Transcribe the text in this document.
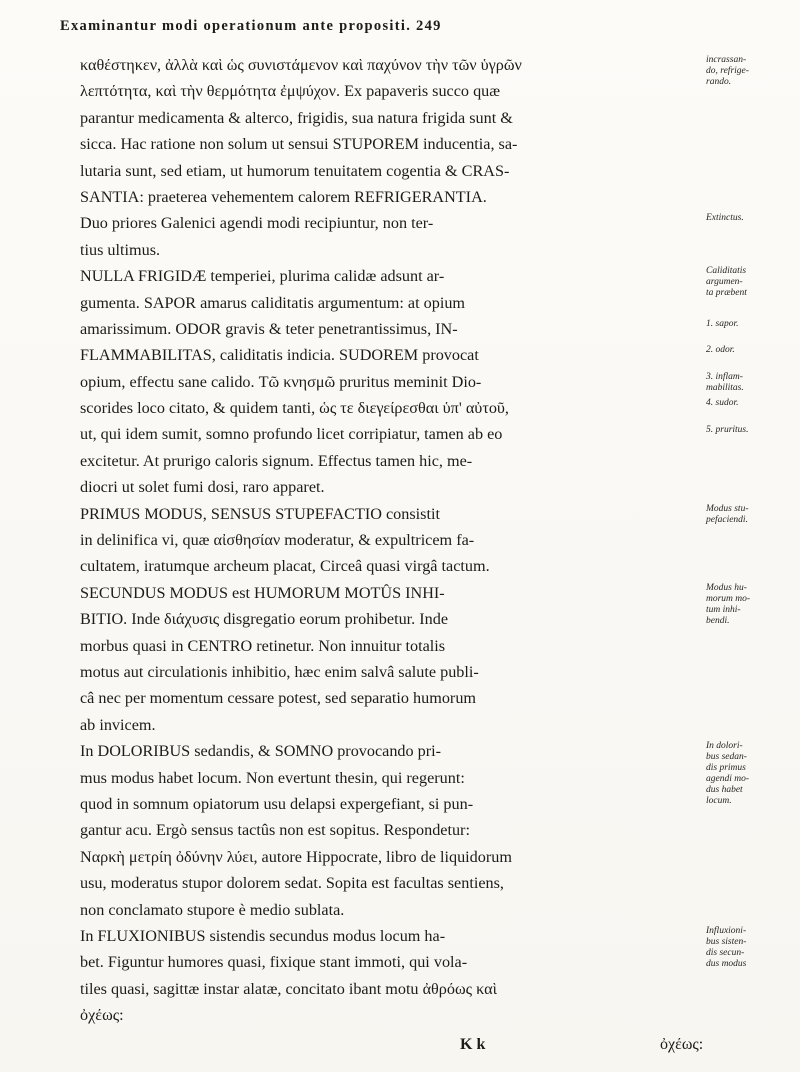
Examinantur modi operationum ante propositi. 249
καθέστηκεν, ἀλλὰ καὶ ὡς συνιστάμενον καὶ παχύνον τὴν τῶν ὑγρῶν
λεπτότητα, καὶ τὴν θερμότητα ἐμψύχον. Ex papaveris succo quæ
parantur medicamenta & alterco, frigidis, sua natura frigida sunt &
sicca. Hac ratione non solum ut sensui STUPOREM inducentia, sa-
lutaria sunt, sed etiam, ut humorum tenuitatem cogentia & CRAS-
SANTIA: praeterea vehementem calorem REFRIGERANTIA.
Duo priores Galenici agendi modi recipiuntur, non ter-
tius ultimus.
NULLA FRIGIDÆ temperiei, plurima calidæ adsunt ar-
gumenta. SAPOR amarus caliditatis argumentum: at opium
amarissimum. ODOR gravis & teter penetrantissimus, IN-
FLAMMABILITAS, caliditatis indicia. SUDOREM provocat
opium, effectu sane calido. Τῶ κνησμῶ pruritus meminit Dio-
scorides loco citato, & quidem tanti, ὡς τε διεγείρεσθαι ὑπ' αὐτοῦ,
ut, qui idem sumit, somno profundo licet corripiatur, tamen ab eo
excitetur. At prurigo caloris signum. Effectus tamen hic, me-
diocri ut solet fumi dosi, raro apparet.
PRIMUS MODUS, SENSUS STUPEFACTIO consistit
in delinifica vi, quæ αἰσθησίαν moderatur, & expultricem fa-
cultatem, iratumque archeum placat, Circeâ quasi virgâ tactum.
SECUNDUS MODUS est HUMORUM MOTÛS INHI-
BITIO. Inde διάχυσις disgregatio eorum prohibetur. Inde
morbus quasi in CENTRO retinetur. Non innuitur totalis
motus aut circulationis inhibitio, hæc enim salvâ salute publi-
câ nec per momentum cessare potest, sed separatio humorum
ab invicem.
In DOLORIBUS sedandis, & SOMNO provocando pri-
mus modus habet locum. Non evertunt thesin, qui regerunt:
quod in somnum opiatorum usu delapsi expergefiant, si pun-
gantur acu. Ergò sensus tactûs non est sopitus. Respondetur:
Ναρκὴ μετρίη ὀδύνην λύει, autore Hippocrate, libro de liquidorum
usu, moderatus stupor dolorem sedat. Sopita est facultas sentiens,
non conclamato stupore è medio sublata.
In FLUXIONIBUS sistendis secundus modus locum ha-
bet. Figuntur humores quasi, fixique stant immoti, qui vola-
tiles quasi, sagittæ instar alatæ, concitato ibant motu ἀθρόως καὶ
ὀχέως:
incrassan-
do, refrige-
rando.
Extinctus.
Caliditatis
argumen-
ta præbent
1. sapor.
2. odor.
3. inflam-
mabilitas.
4. sudor.
5. pruritus.
Modus stu-
pefaciendi.
Modus hu-
morum mo-
tum inhi-
bendi.
In dolori-
bus sedan-
dis primus
agendi mo-
dus habet
locum.
Influxioni-
bus sisten-
dis secun-
dus modus
K k	ὀχέως:
